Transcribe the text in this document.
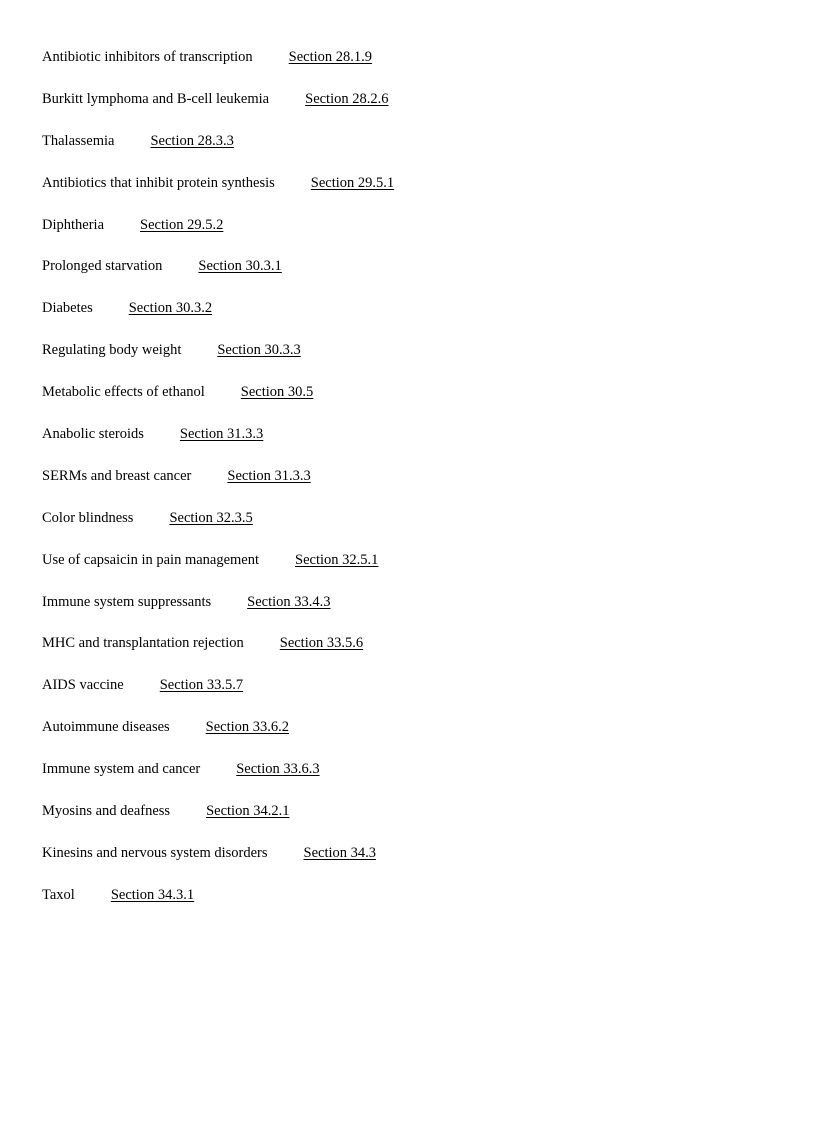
Antibiotic inhibitors of transcription Section 28.1.9
Burkitt lymphoma and B-cell leukemia Section 28.2.6
Thalassemia Section 28.3.3
Antibiotics that inhibit protein synthesis Section 29.5.1
Diphtheria Section 29.5.2
Prolonged starvation Section 30.3.1
Diabetes Section 30.3.2
Regulating body weight Section 30.3.3
Metabolic effects of ethanol Section 30.5
Anabolic steroids Section 31.3.3
SERMs and breast cancer Section 31.3.3
Color blindness Section 32.3.5
Use of capsaicin in pain management Section 32.5.1
Immune system suppressants Section 33.4.3
MHC and transplantation rejection Section 33.5.6
AIDS vaccine Section 33.5.7
Autoimmune diseases Section 33.6.2
Immune system and cancer Section 33.6.3
Myosins and deafness Section 34.2.1
Kinesins and nervous system disorders Section 34.3
Taxol Section 34.3.1
